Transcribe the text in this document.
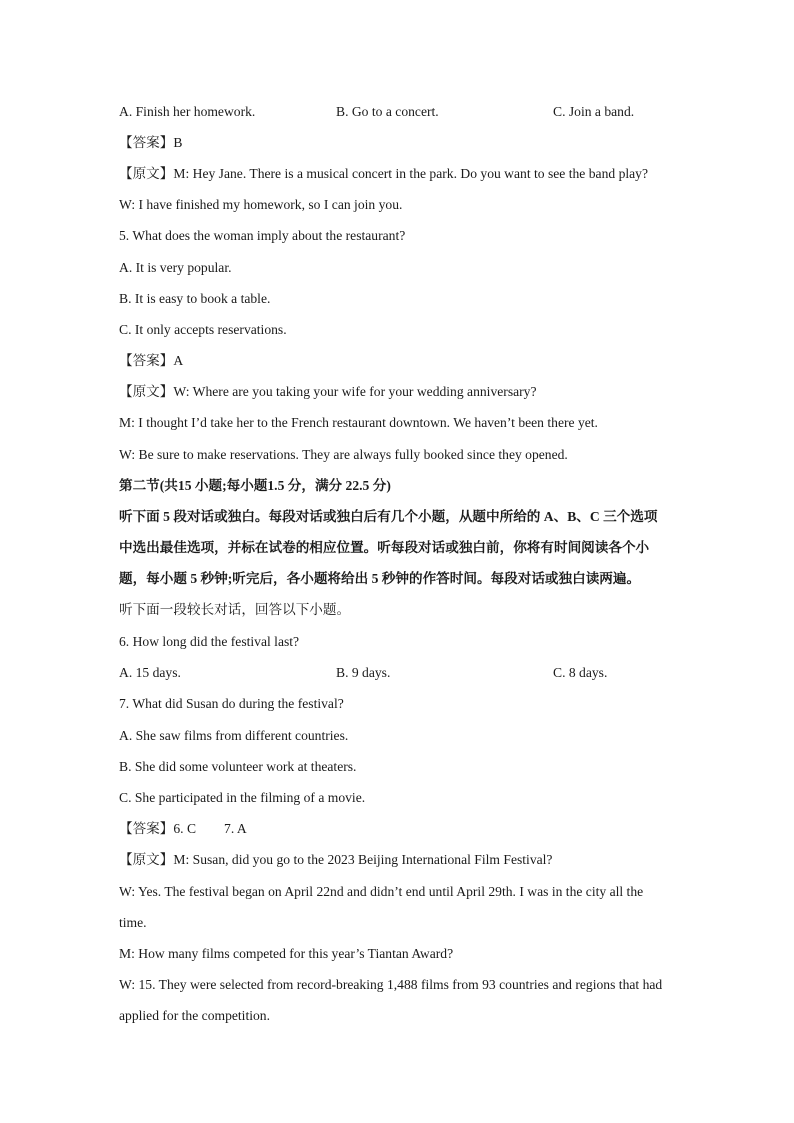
A. Finish her homework.	B. Go to a concert.	C. Join a band.
【答案】B
【原文】M: Hey Jane. There is a musical concert in the park. Do you want to see the band play?
W: I have finished my homework, so I can join you.
5. What does the woman imply about the restaurant?
A. It is very popular.
B. It is easy to book a table.
C. It only accepts reservations.
【答案】A
【原文】W: Where are you taking your wife for your wedding anniversary?
M: I thought I’d take her to the French restaurant downtown. We haven’t been there yet.
W: Be sure to make reservations. They are always fully booked since they opened.
第二节(共15 小题;每小题1.5 分，满分 22.5 分)
听下面 5 段对话或独白。每段对话或独白后有几个小题，从题中所给的 A、B、C 三个选项
中选出最佳选项，并标在试卷的相应位置。听每段对话或独白前，你将有时间阅读各个小
题，每小题 5 秒钟;听完后，各小题将给出 5 秒钟的作答时间。每段对话或独白读两遍。
听下面一段较长对话，回答以下小题。
6. How long did the festival last?
A. 15 days.	B. 9 days.	C. 8 days.
7. What did Susan do during the festival?
A. She saw films from different countries.
B. She did some volunteer work at theaters.
C. She participated in the filming of a movie.
【答案】6. C 7. A
【原文】M: Susan, did you go to the 2023 Beijing International Film Festival?
W: Yes. The festival began on April 22nd and didn’t end until April 29th. I was in the city all the
time.
M: How many films competed for this year’s Tiantan Award?
W: 15. They were selected from record-breaking 1,488 films from 93 countries and regions that had
applied for the competition.
